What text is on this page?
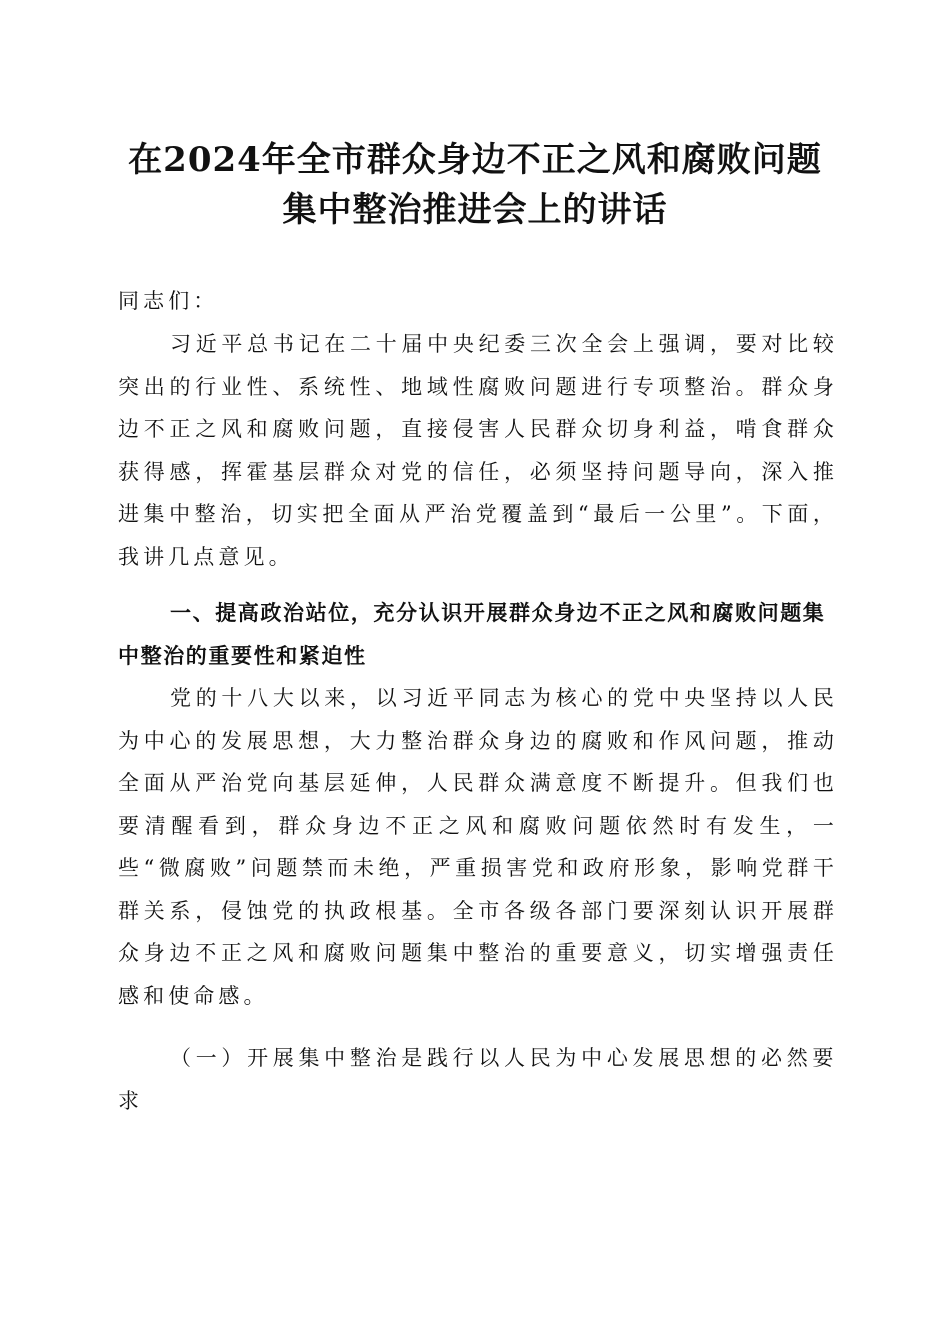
在2024年全市群众身边不正之风和腐败问题
集中整治推进会上的讲话

同志们：

习近平总书记在二十届中央纪委三次全会上强调，要对比较突出的行业性、系统性、地域性腐败问题进行专项整治。群众身边不正之风和腐败问题，直接侵害人民群众切身利益，啃食群众获得感，挥霍基层群众对党的信任，必须坚持问题导向，深入推进集中整治，切实把全面从严治党覆盖到“最后一公里”。下面，我讲几点意见。

一、提高政治站位，充分认识开展群众身边不正之风和腐败问题集中整治的重要性和紧迫性

党的十八大以来，以习近平同志为核心的党中央坚持以人民为中心的发展思想，大力整治群众身边的腐败和作风问题，推动全面从严治党向基层延伸，人民群众满意度不断提升。但我们也要清醒看到，群众身边不正之风和腐败问题依然时有发生，一些“微腐败”问题禁而未绝，严重损害党和政府形象，影响党群干群关系，侵蚀党的执政根基。全市各级各部门要深刻认识开展群众身边不正之风和腐败问题集中整治的重要意义，切实增强责任感和使命感。

（一）开展集中整治是践行以人民为中心发展思想的必然要求
